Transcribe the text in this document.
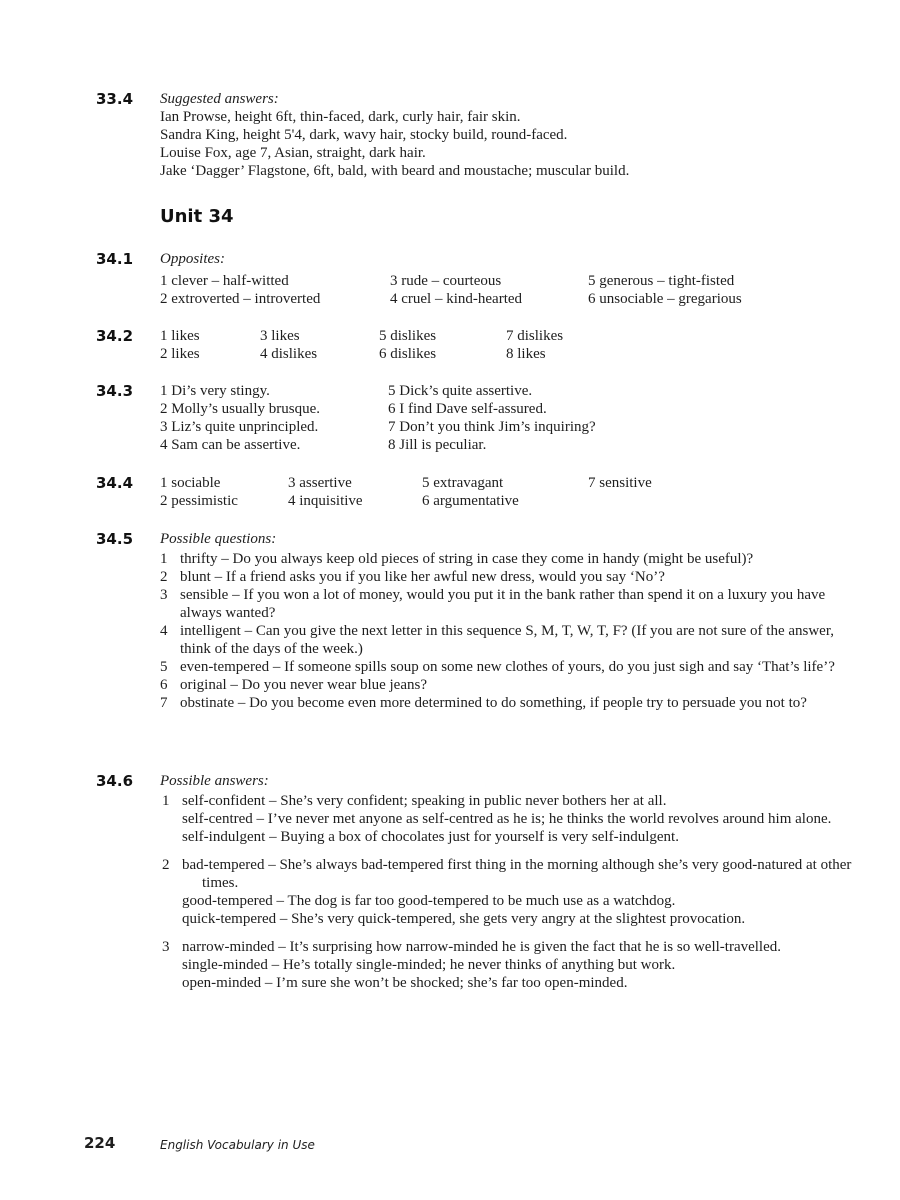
33.4 Suggested answers:
Ian Prowse, height 6ft, thin-faced, dark, curly hair, fair skin.
Sandra King, height 5'4, dark, wavy hair, stocky build, round-faced.
Louise Fox, age 7, Asian, straight, dark hair.
Jake ‘Dagger’ Flagstone, 6ft, bald, with beard and moustache; muscular build.
Unit 34
34.1 Opposites:
1 clever – half-witted
2 extroverted – introverted
3 rude – courteous
4 cruel – kind-hearted
5 generous – tight-fisted
6 unsociable – gregarious
34.2 1 likes
2 likes
3 likes
4 dislikes
5 dislikes
6 dislikes
7 dislikes
8 likes
34.3 1 Di’s very stingy.
2 Molly’s usually brusque.
3 Liz’s quite unprincipled.
4 Sam can be assertive.
5 Dick’s quite assertive.
6 I find Dave self-assured.
7 Don’t you think Jim’s inquiring?
8 Jill is peculiar.
34.4 1 sociable
2 pessimistic
3 assertive
4 inquisitive
5 extravagant
6 argumentative
7 sensitive
34.5 Possible questions:
1 thrifty – Do you always keep old pieces of string in case they come in handy (might be useful)?
2 blunt – If a friend asks you if you like her awful new dress, would you say ‘No’?
3 sensible – If you won a lot of money, would you put it in the bank rather than spend it on a luxury you have always wanted?
4 intelligent – Can you give the next letter in this sequence S, M, T, W, T, F? (If you are not sure of the answer, think of the days of the week.)
5 even-tempered – If someone spills soup on some new clothes of yours, do you just sigh and say ‘That’s life’?
6 original – Do you never wear blue jeans?
7 obstinate – Do you become even more determined to do something, if people try to persuade you not to?
34.6 Possible answers:
1 self-confident – She’s very confident; speaking in public never bothers her at all.
self-centred – I’ve never met anyone as self-centred as he is; he thinks the world revolves around him alone.
self-indulgent – Buying a box of chocolates just for yourself is very self-indulgent.
2 bad-tempered – She’s always bad-tempered first thing in the morning although she’s very good-natured at other times.
good-tempered – The dog is far too good-tempered to be much use as a watchdog.
quick-tempered – She’s very quick-tempered, she gets very angry at the slightest provocation.
3 narrow-minded – It’s surprising how narrow-minded he is given the fact that he is so well-travelled.
single-minded – He’s totally single-minded; he never thinks of anything but work.
open-minded – I’m sure she won’t be shocked; she’s far too open-minded.
224	English Vocabulary in Use
